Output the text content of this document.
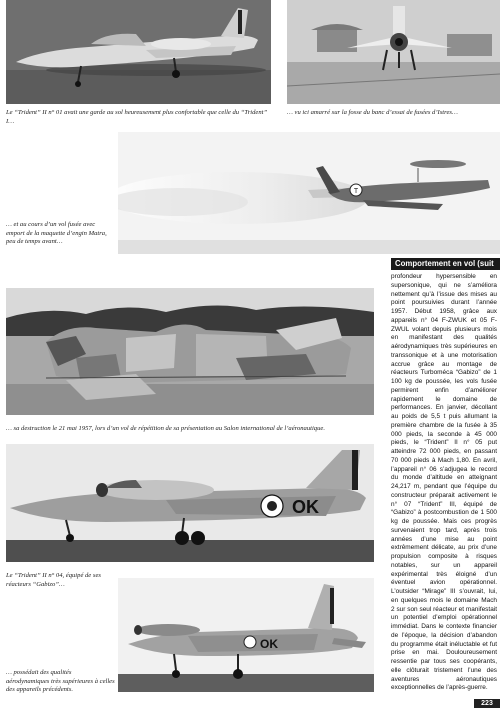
Le “Trident” II n° 01 avait une garde au sol heureusement plus confortable que celle du “Trident” I…

… vu ici amarré sur la fosse du banc d’essai de fusées d’Istres…

T

… et au cours d’un vol fusée avec emport de la maquette d’engin Matra, peu de temps avant…

Comportement en vol (suit

profondeur hypersensible en supersonique, qui ne s’améliora nettement qu’à l’issue des mises au point poursuivies durant l’année 1957. Début 1958, grâce aux appareils n° 04 F-ZWUK et 05 F-ZWUL volant depuis plusieurs mois en manifestant des qualités aérodynamiques très supérieures en transsonique et à une motorisation accrue grâce au montage de réacteurs Turboméca “Gabizo” de 1 100 kg de poussée, les vols fusée permirent enfin d’améliorer rapidement le domaine de performances. En janvier, décollant au poids de 5,5 t puis allumant la première chambre de la fusée à 35 000 pieds, la seconde à 45 000 pieds, le “Trident” II n° 05 put atteindre 72 000 pieds, en passant 70 000 pieds à Mach 1,80. En avril, l’appareil n° 06 s’adjugea le record du monde d’altitude en atteignant 24,217 m, pendant que l’équipe du constructeur préparait activement le n° 07 “Trident” III, équipé de “Gabizo” à postcombustion de 1 500 kg de poussée. Mais ces progrès survenaient trop tard, après trois années d’une mise au point extrêmement délicate, au prix d’une propulsion composite à risques notables, sur un appareil expérimental très éloigné d’un éventuel avion opérationnel. L’outsider “Mirage” III s’ouvrait, lui, en quelques mois le domaine Mach 2 sur son seul réacteur et manifestait un potentiel d’emploi opérationnel immédiat. Dans le contexte financier de l’époque, la décision d’abandon du programme était inéluctable et fut prise en mai. Douloureusement ressentie par tous ses coopérants, elle clôturait tristement l’une des aventures aéronautiques exceptionnelles de l’après-guerre.

… sa destruction le 21 mai 1957, lors d’un vol de répétition de sa présentation au Salon international de l’aéronautique.

OK

Le “Trident” II n° 04, équipé de ses réacteurs “Gabizo”…

OK

… possédait des qualités aérodynamiques très supérieures à celles des appareils précédents.

223
